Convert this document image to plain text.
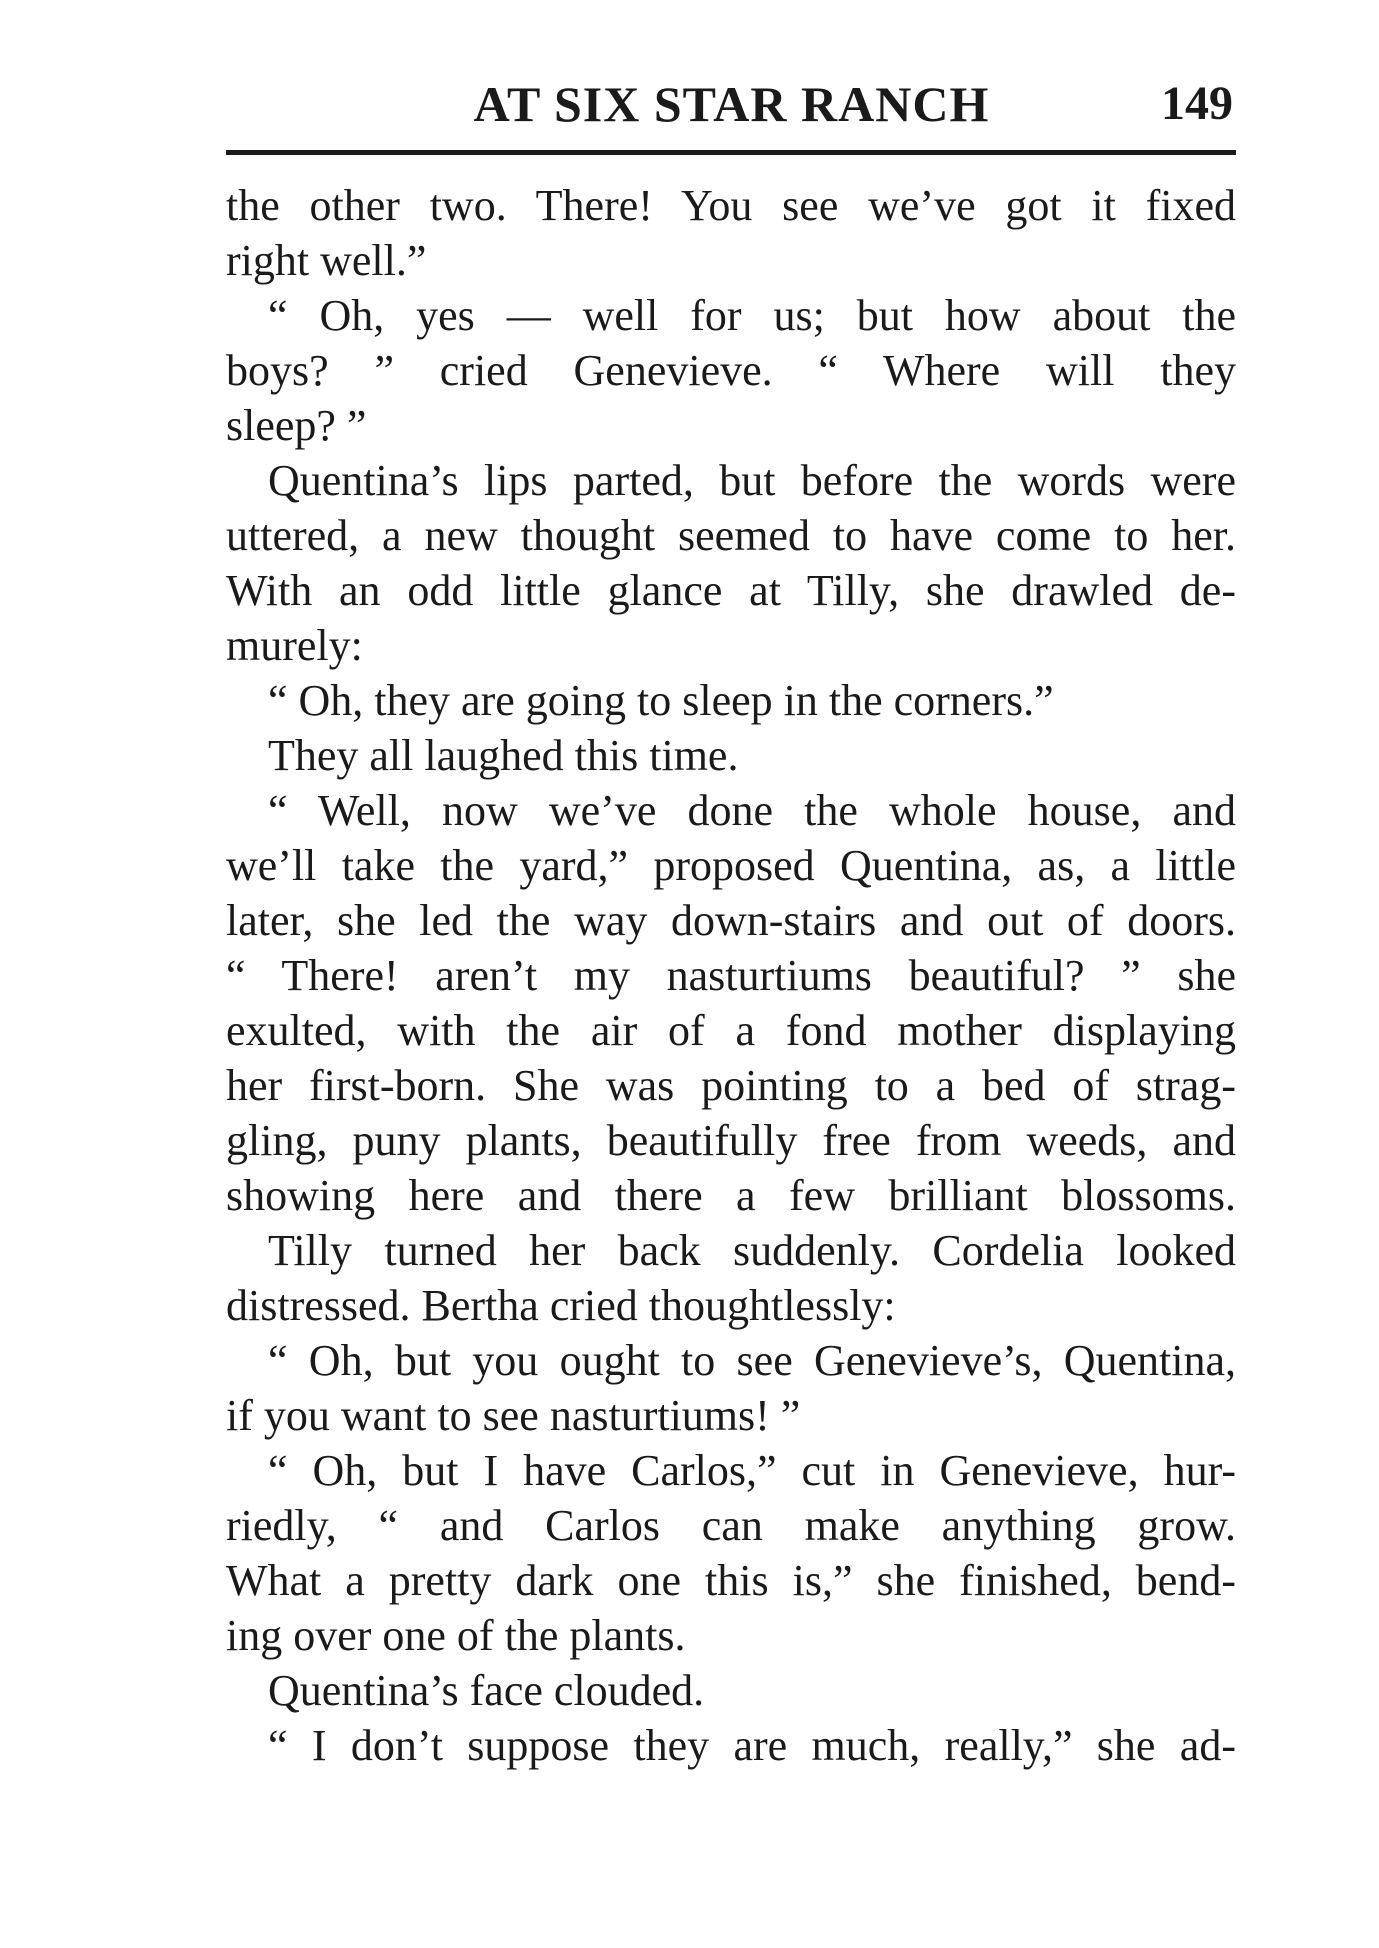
AT SIX STAR RANCH	149
the other two. There! You see we’ve got it fixed
right well.”
“ Oh, yes — well for us; but how about the
boys? ” cried Genevieve. “ Where will they
sleep? ”
Quentina’s lips parted, but before the words were
uttered, a new thought seemed to have come to her.
With an odd little glance at Tilly, she drawled de-
murely:
“ Oh, they are going to sleep in the corners.”
They all laughed this time.
“ Well, now we’ve done the whole house, and
we’ll take the yard,” proposed Quentina, as, a little
later, she led the way down-stairs and out of doors.
“ There! aren’t my nasturtiums beautiful? ” she
exulted, with the air of a fond mother displaying
her first-born. She was pointing to a bed of strag-
gling, puny plants, beautifully free from weeds, and
showing here and there a few brilliant blossoms.
Tilly turned her back suddenly. Cordelia looked
distressed. Bertha cried thoughtlessly:
“ Oh, but you ought to see Genevieve’s, Quentina,
if you want to see nasturtiums! ”
“ Oh, but I have Carlos,” cut in Genevieve, hur-
riedly, “ and Carlos can make anything grow.
What a pretty dark one this is,” she finished, bend-
ing over one of the plants.
Quentina’s face clouded.
“ I don’t suppose they are much, really,” she ad-
